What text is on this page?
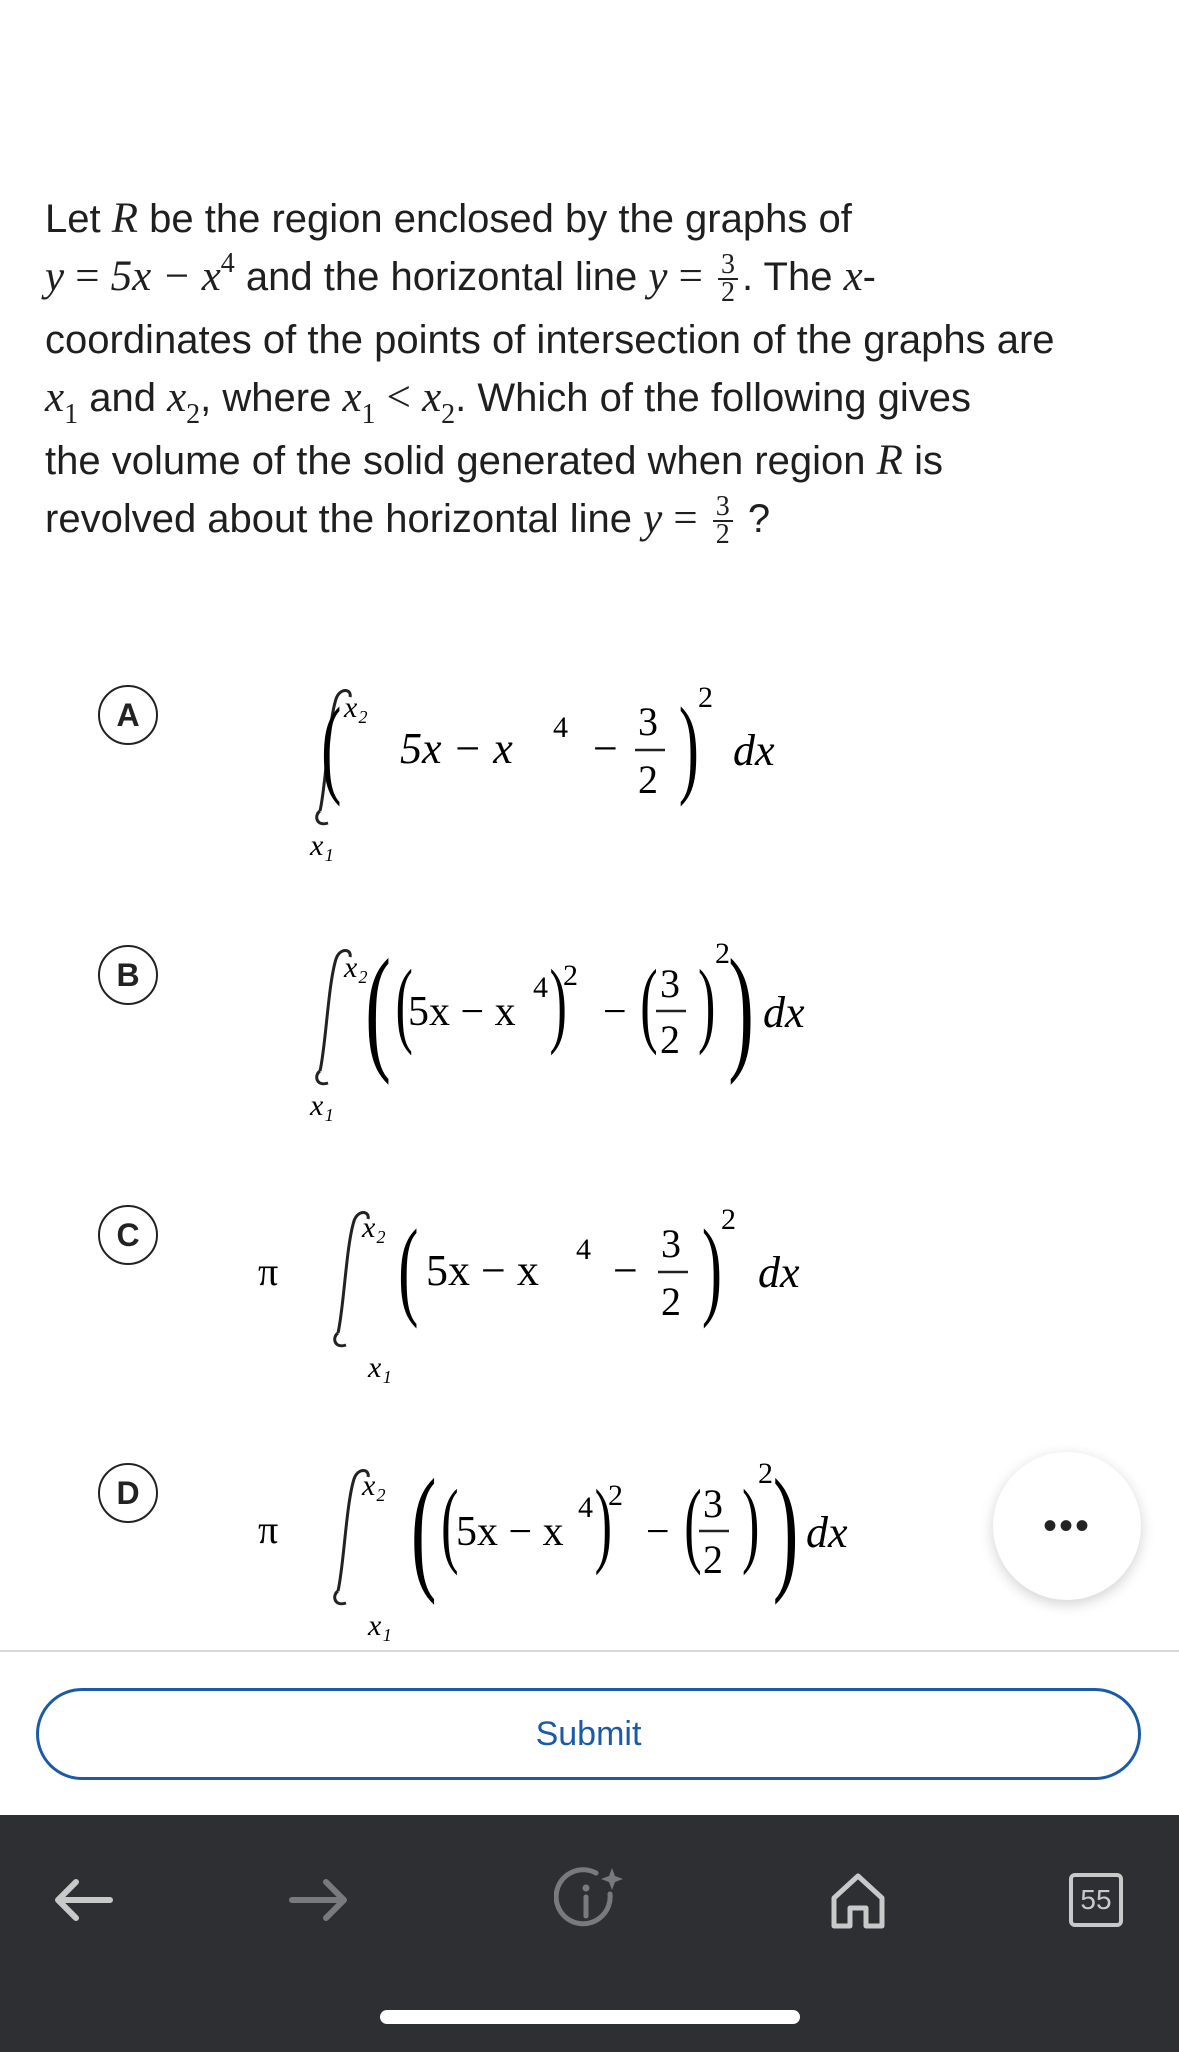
Let R be the region enclosed by the graphs of
$y = 5x - x^4$ and the horizontal line $y = \frac{3}{2}$ . The x-
coordinates of the points of intersection of the graphs are
$x_1$ and $x_2$, where $x_1 < x_2$. Which of the following gives
the volume of the solid generated when region R is
revolved about the horizontal line $y = \frac{3}{2}$ ?
A	x₂
x₁
( 5x − x 4 −
3
2 ) 2
dx
B	x₂
x₁
( (
5x − x
4 )
2
− ( 3
2 ) 2
) dx
C
π
x₂
x₁
( 5x − x 4 −
3
2 ) 2
dx
D
π
x₂
x₁
( (
5x − x
4 )
2
− ( 3
2 )
2 ) dx	•••
Submit
55
